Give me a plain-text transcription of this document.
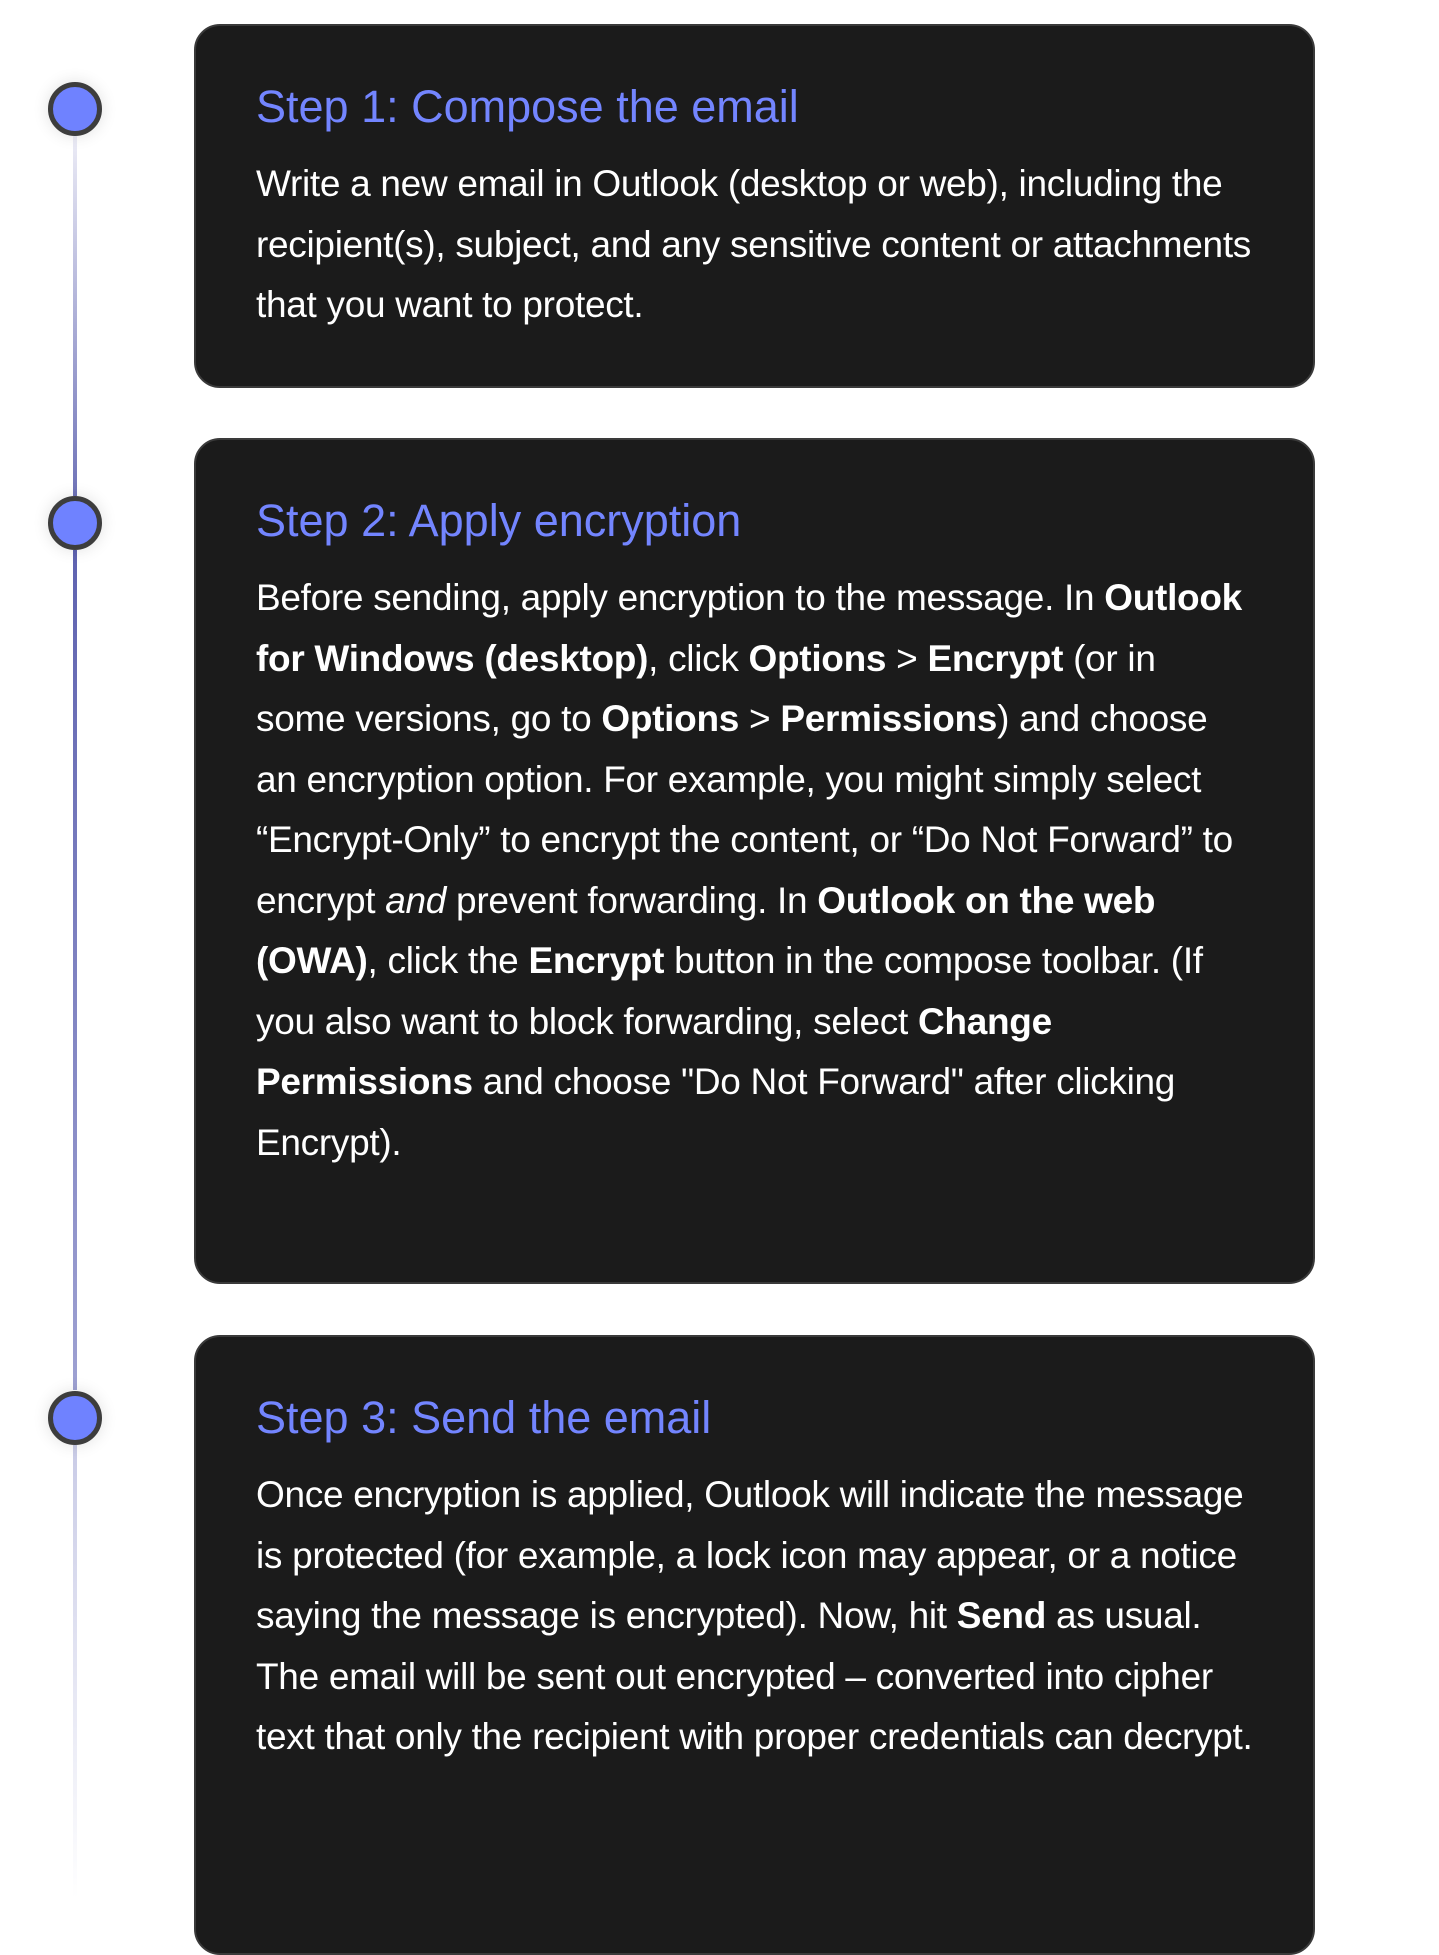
Step 1: Compose the email

Write a new email in Outlook (desktop or web), including the recipient(s), subject, and any sensitive content or attachments that you want to protect.

Step 2: Apply encryption

Before sending, apply encryption to the message. In Outlook for Windows (desktop), click Options > Encrypt (or in some versions, go to Options > Permissions) and choose an encryption option. For example, you might simply select “Encrypt-Only” to encrypt the content, or “Do Not Forward” to encrypt and prevent forwarding. In Outlook on the web (OWA), click the Encrypt button in the compose toolbar. (If you also want to block forwarding, select Change Permissions and choose "Do Not Forward" after clicking Encrypt).

Step 3: Send the email

Once encryption is applied, Outlook will indicate the message is protected (for example, a lock icon may appear, or a notice saying the message is encrypted). Now, hit Send as usual. The email will be sent out encrypted – converted into cipher text that only the recipient with proper credentials can decrypt.
